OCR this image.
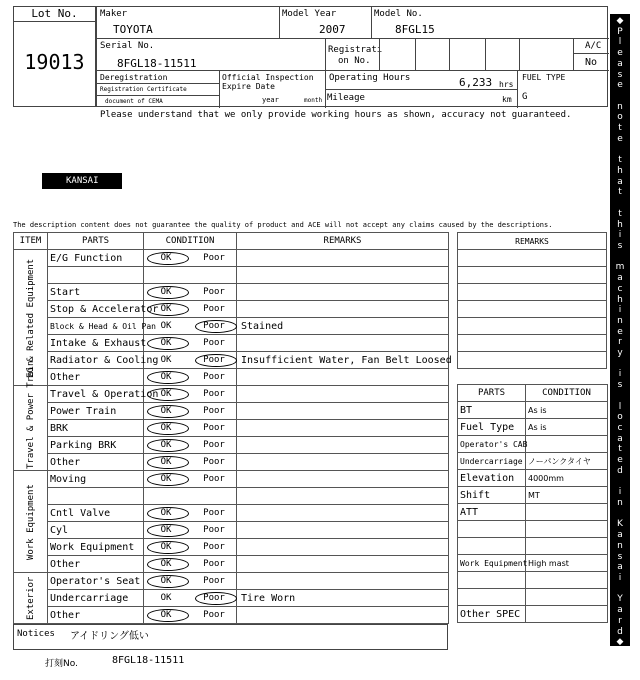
Lot No.
19013
Maker
TOYOTA
Model Year
2007
Model No.
8FGL15
Serial No.
8FGL18-11511
Registrati
on No.
A/C
No
Deregistration
Registration Certificate
document of CEMA
Official Inspection
Expire Date
year	month
Operating Hours	6,233 hrs
Mileage	km
FUEL TYPE
G
Please understand that we only provide working hours as shown, accuracy not guaranteed.
KANSAI
The description content does not guarantee the quality of product and ACE will not accept any claims caused by the descriptions.
ITEM	PARTS	CONDITION	REMARKS

EG & Related Equipment	E/G Function	OK Poor	

	Start	OK Poor	
	Stop & Accelerator	OK Poor	
	Block & Head & Oil Pan	OK Poor	Stained
	Intake & Exhaust	OK Poor	
	Radiator & Cooling	OK Poor	Insufficient Water, Fan Belt Loosed
	Other	OK Poor	

Travel & Power Train	Travel & Operation	OK Poor	
	Power Train	OK Poor	
	BRK	OK Poor	
	Parking BRK	OK Poor	
	Other	OK Poor	

Work Equipment	Moving	OK Poor	

	Cntl Valve	OK Poor	
	Cyl	OK Poor	
	Work Equipment	OK Poor	
	Other	OK Poor	

Exterior	Operator's Seat	OK Poor	
	Undercarriage	OK Poor	Tire Worn
	Other	OK Poor	
REMARKS

PARTS	CONDITION
BT	As is
Fuel Type	As is
Operator's CAB	
Undercarriage	ノーパンクタイヤ
Elevation	4000mm
Shift	MT
ATT	

Work Equipment	High mast

Other SPEC	
Notices アイドリング低い
打刻No.	8FGL18-11511
◆
P
l
e
a
s
e
n
o
t
e
t
h
a
t
t
h
i
s
m
a
c
h
i
n
e
r
y
i
s
l
o
c
a
t
e
d
i
n
K
a
n
s
a
i
Y
a
r
d
◆
